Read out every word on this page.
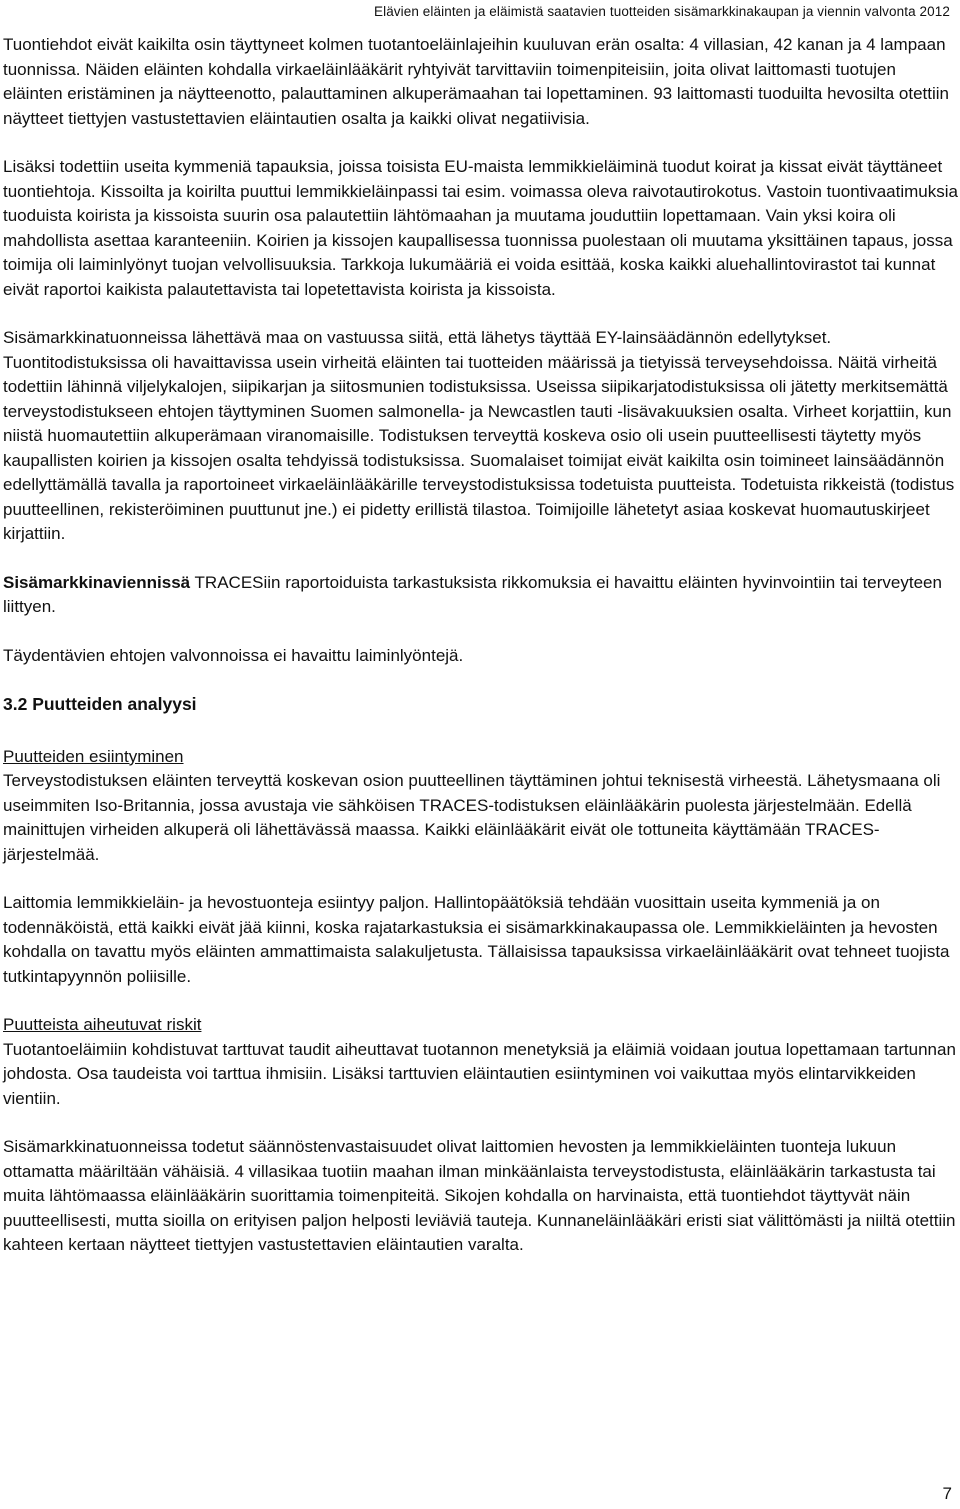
Elävien eläinten ja eläimistä saatavien tuotteiden sisämarkkinakaupan ja viennin valvonta 2012

Tuontiehdot eivät kaikilta osin täyttyneet kolmen tuotantoeläinlajeihin kuuluvan erän osalta: 4 villasian, 42 kanan ja 4 lampaan tuonnissa. Näiden eläinten kohdalla virkaeläinlääkärit ryhtyivät tarvittaviin toimenpiteisiin, joita olivat laittomasti tuotujen eläinten eristäminen ja näytteenotto, palauttaminen alkuperämaahan tai lopettaminen. 93 laittomasti tuoduilta hevosilta otettiin näytteet tiettyjen vastustettavien eläintautien osalta ja kaikki olivat negatiivisia.

Lisäksi todettiin useita kymmeniä tapauksia, joissa toisista EU-maista lemmikkieläiminä tuodut koirat ja kissat eivät täyttäneet tuontiehtoja. Kissoilta ja koirilta puuttui lemmikkieläinpassi tai esim. voimassa oleva raivotautirokotus. Vastoin tuontivaatimuksia tuoduista koirista ja kissoista suurin osa palautettiin lähtömaahan ja muutama jouduttiin lopettamaan. Vain yksi koira oli mahdollista asettaa karanteeniin. Koirien ja kissojen kaupallisessa tuonnissa puolestaan oli muutama yksittäinen tapaus, jossa toimija oli laiminlyönyt tuojan velvollisuuksia. Tarkkoja lukumääriä ei voida esittää, koska kaikki aluehallintovirastot tai kunnat eivät raportoi kaikista palautettavista tai lopetettavista koirista ja kissoista.

Sisämarkkinatuonneissa lähettävä maa on vastuussa siitä, että lähetys täyttää EY-lainsäädännön edellytykset. Tuontitodistuksissa oli havaittavissa usein virheitä eläinten tai tuotteiden määrissä ja tietyissä terveysehdoissa. Näitä virheitä todettiin lähinnä viljelykalojen, siipikarjan ja siitosmunien todistuksissa. Useissa siipikarjatodistuksissa oli jätetty merkitsemättä terveystodistukseen ehtojen täyttyminen Suomen salmonella- ja Newcastlen tauti -lisävakuuksien osalta. Virheet korjattiin, kun niistä huomautettiin alkuperämaan viranomaisille. Todistuksen terveyttä koskeva osio oli usein puutteellisesti täytetty myös kaupallisten koirien ja kissojen osalta tehdyissä todistuksissa. Suomalaiset toimijat eivät kaikilta osin toimineet lainsäädännön edellyttämällä tavalla ja raportoineet virkaeläinlääkärille terveystodistuksissa todetuista puutteista. Todetuista rikkeistä (todistus puutteellinen, rekisteröiminen puuttunut jne.) ei pidetty erillistä tilastoa. Toimijoille lähetetyt asiaa koskevat huomautuskirjeet kirjattiin.

Sisämarkkinaviennissä TRACESiin raportoiduista tarkastuksista rikkomuksia ei havaittu eläinten hyvinvointiin tai terveyteen liittyen.

Täydentävien ehtojen valvonnoissa ei havaittu laiminlyöntejä.

3.2 Puutteiden analyysi

Puutteiden esiintyminen

Terveystodistuksen eläinten terveyttä koskevan osion puutteellinen täyttäminen johtui teknisestä virheestä. Lähetysmaana oli useimmiten Iso-Britannia, jossa avustaja vie sähköisen TRACES-todistuksen eläinlääkärin puolesta järjestelmään. Edellä mainittujen virheiden alkuperä oli lähettävässä maassa. Kaikki eläinlääkärit eivät ole tottuneita käyttämään TRACES-järjestelmää.

Laittomia lemmikkieläin- ja hevostuonteja esiintyy paljon. Hallintopäätöksiä tehdään vuosittain useita kymmeniä ja on todennäköistä, että kaikki eivät jää kiinni, koska rajatarkastuksia ei sisämarkkinakaupassa ole. Lemmikkieläinten ja hevosten kohdalla on tavattu myös eläinten ammattimaista salakuljetusta. Tällaisissa tapauksissa virkaeläinlääkärit ovat tehneet tuojista tutkintapyynnön poliisille.

Puutteista aiheutuvat riskit

Tuotantoeläimiin kohdistuvat tarttuvat taudit aiheuttavat tuotannon menetyksiä ja eläimiä voidaan joutua lopettamaan tartunnan johdosta. Osa taudeista voi tarttua ihmisiin. Lisäksi tarttuvien eläintautien esiintyminen voi vaikuttaa myös elintarvikkeiden vientiin.

Sisämarkkinatuonneissa todetut säännöstenvastaisuudet olivat laittomien hevosten ja lemmikkieläinten tuonteja lukuun ottamatta määriltään vähäisiä. 4 villasikaa tuotiin maahan ilman minkäänlaista terveystodistusta, eläinlääkärin tarkastusta tai muita lähtömaassa eläinlääkärin suorittamia toimenpiteitä. Sikojen kohdalla on harvinaista, että tuontiehdot täyttyvät näin puutteellisesti, mutta sioilla on erityisen paljon helposti leviäviä tauteja. Kunnaneläinlääkäri eristi siat välittömästi ja niiltä otettiin kahteen kertaan näytteet tiettyjen vastustettavien eläintautien varalta.

7
